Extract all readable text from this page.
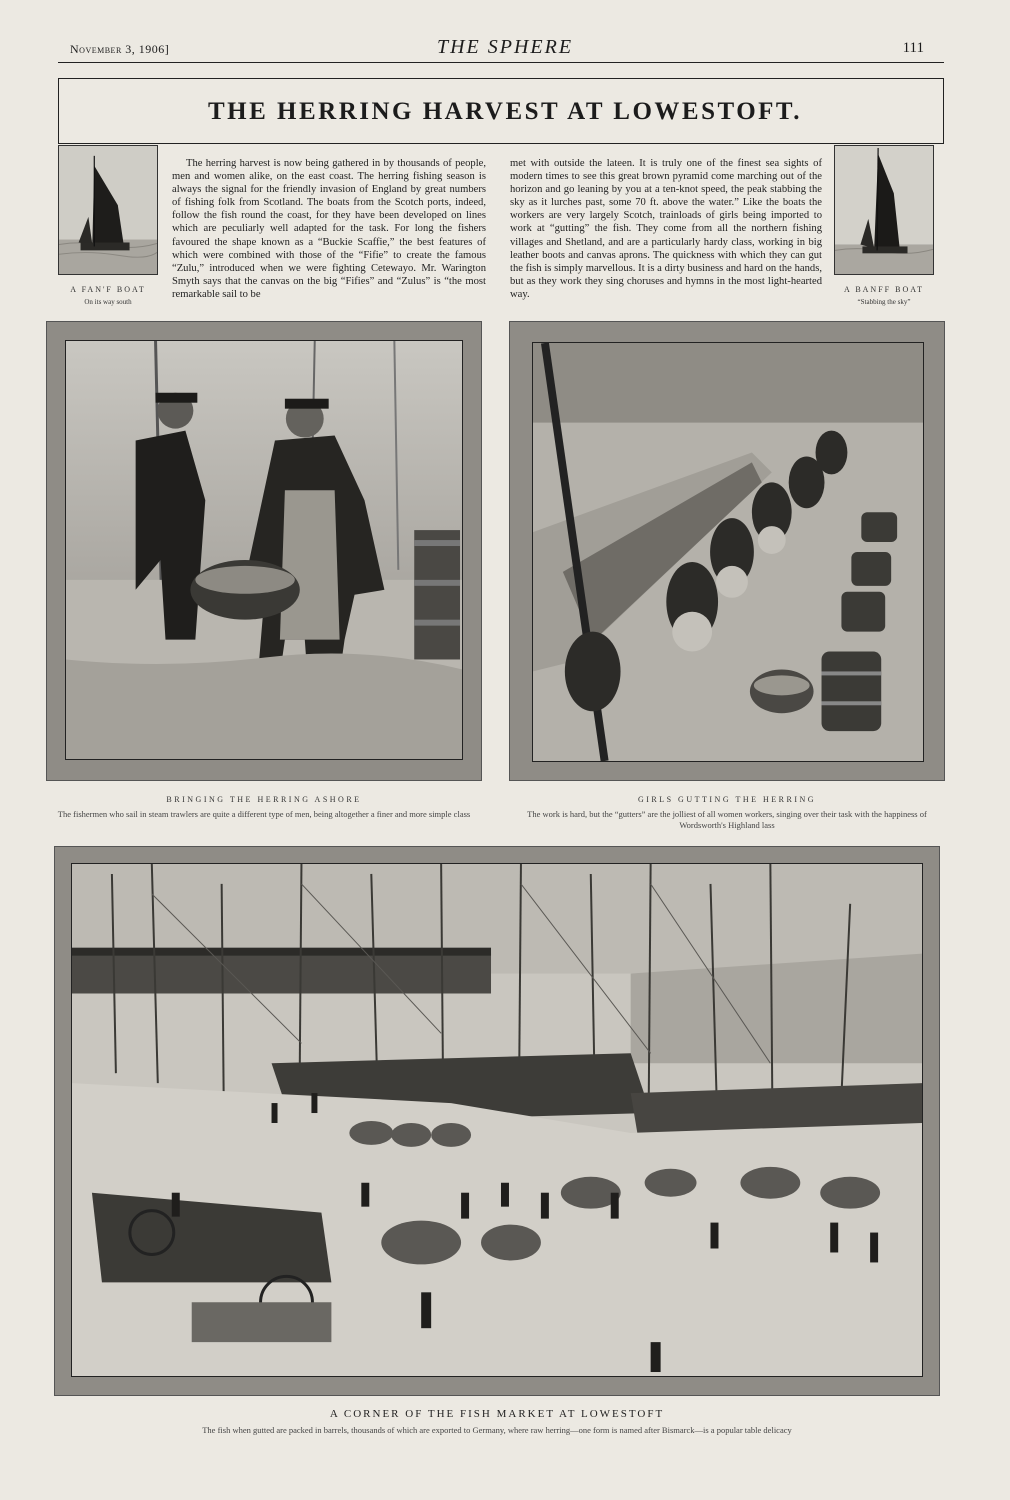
November 3, 1906]	THE SPHERE	111
THE HERRING HARVEST AT LOWESTOFT.
A FAN'F BOAT
On its way south
A BANFF BOAT
“Stabbing the sky”
The herring harvest is now being gathered in by thousands of people, men and women alike, on the east coast. The herring fishing season is always the signal for the friendly invasion of England by great numbers of fishing folk from Scotland. The boats from the Scotch ports, indeed, follow the fish round the coast, for they have been developed on lines which are peculiarly well adapted for the task. For long the fishers favoured the shape known as a “Buckie Scaffie,” the best features of which were combined with those of the “Fifie” to create the famous “Zulu,” introduced when we were fighting Cetewayo. Mr. Warington Smyth says that the canvas on the big “Fifies” and “Zulus” is “the most remarkable sail to be
met with outside the lateen. It is truly one of the finest sea sights of modern times to see this great brown pyramid come marching out of the horizon and go leaning by you at a ten-knot speed, the peak stabbing the sky as it lurches past, some 70 ft. above the water.” Like the boats the workers are very largely Scotch, trainloads of girls being imported to work at “gutting” the fish. They come from all the northern fishing villages and Shetland, and are a particularly hardy class, working in big leather boots and canvas aprons. The quickness with which they can gut the fish is simply marvellous. It is a dirty business and hard on the hands, but as they work they sing choruses and hymns in the most light-hearted way.
BRINGING THE HERRING ASHORE
The fishermen who sail in steam trawlers are quite a different type of men, being altogether a finer and more simple class
GIRLS GUTTING THE HERRING
The work is hard, but the “gutters” are the jolliest of all women workers, singing over their task with the happiness of Wordsworth's Highland lass
A CORNER OF THE FISH MARKET AT LOWESTOFT
The fish when gutted are packed in barrels, thousands of which are exported to Germany, where raw herring—one form is named after Bismarck—is a popular table delicacy
